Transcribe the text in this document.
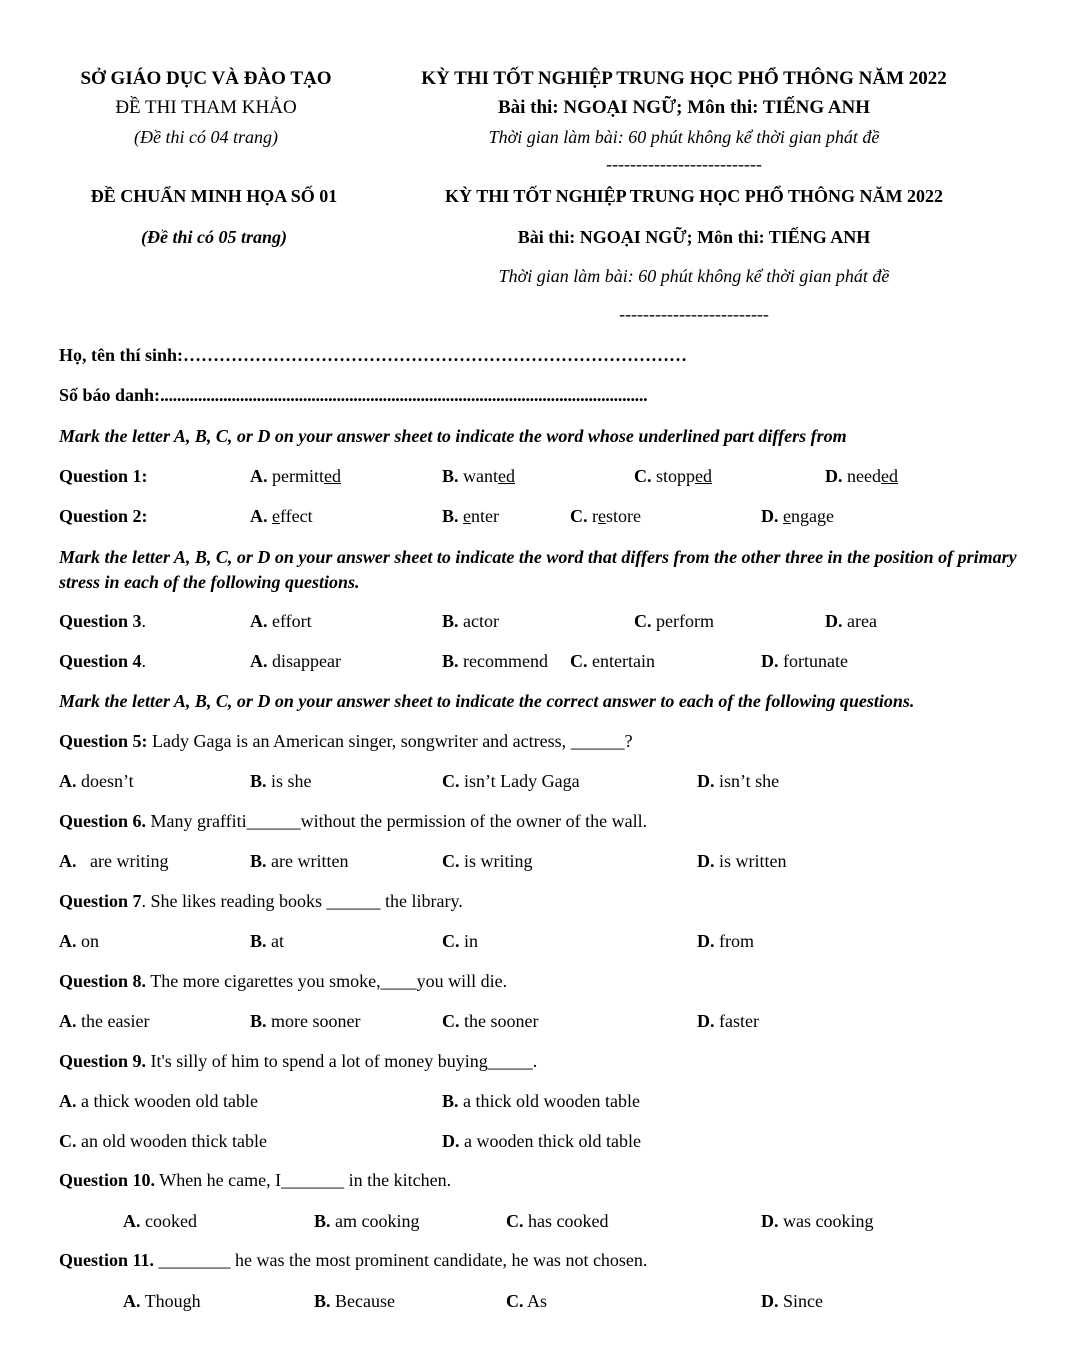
SỞ GIÁO DỤC VÀ ĐÀO TẠO
ĐỀ THI THAM KHẢO
(Đề thi có 04 trang)
KỲ THI TỐT NGHIỆP TRUNG HỌC PHỔ THÔNG NĂM 2022
Bài thi: NGOẠI NGỮ; Môn thi: TIẾNG ANH
Thời gian làm bài: 60 phút không kể thời gian phát đề
--------------------------
ĐỀ CHUẨN MINH HỌA SỐ 01
(Đề thi có 05 trang)
KỲ THI TỐT NGHIỆP TRUNG HỌC PHỔ THÔNG NĂM 2022
Bài thi: NGOẠI NGỮ; Môn thi: TIẾNG ANH
Thời gian làm bài: 60 phút không kể thời gian phát đề
-------------------------
Họ, tên thí sinh:…………………………………………………………………………
Số báo danh:....................................................................................................................
Mark the letter A, B, C, or D on your answer sheet to indicate the word whose underlined part differs from
Question 1:	A. permitted	B. wanted	C. stopped	D. needed
Question 2:	A. effect	B. enter	C. restore	D. engage
Mark the letter A, B, C, or D on your answer sheet to indicate the word that differs from the other three in the position of primary stress in each of the following questions.
Question 3.	A. effort	B. actor	C. perform	D. area
Question 4.	A. disappear	B. recommend C. entertain	D. fortunate
Mark the letter A, B, C, or D on your answer sheet to indicate the correct answer to each of the following questions.
Question 5: Lady Gaga is an American singer, songwriter and actress, ______?
A. doesn’t	B. is she	C. isn’t Lady Gaga	D. isn’t she
Question 6. Many graffiti______without the permission of the owner of the wall.
A. are writing	B. are written	C. is writing	D. is written
Question 7. She likes reading books ______ the library.
A. on	B. at	C. in	D. from
Question 8. The more cigarettes you smoke,____you will die.
A. the easier	B. more sooner	C. the sooner	D. faster
Question 9. It's silly of him to spend a lot of money buying_____.
A. a thick wooden old table	B. a thick old wooden table
C. an old wooden thick table	D. a wooden thick old table
Question 10. When he came, I_______ in the kitchen.
A. cooked	B. am cooking	C. has cooked	D. was cooking
Question 11. ________ he was the most prominent candidate, he was not chosen.
A. Though	B. Because	C. As	D. Since
